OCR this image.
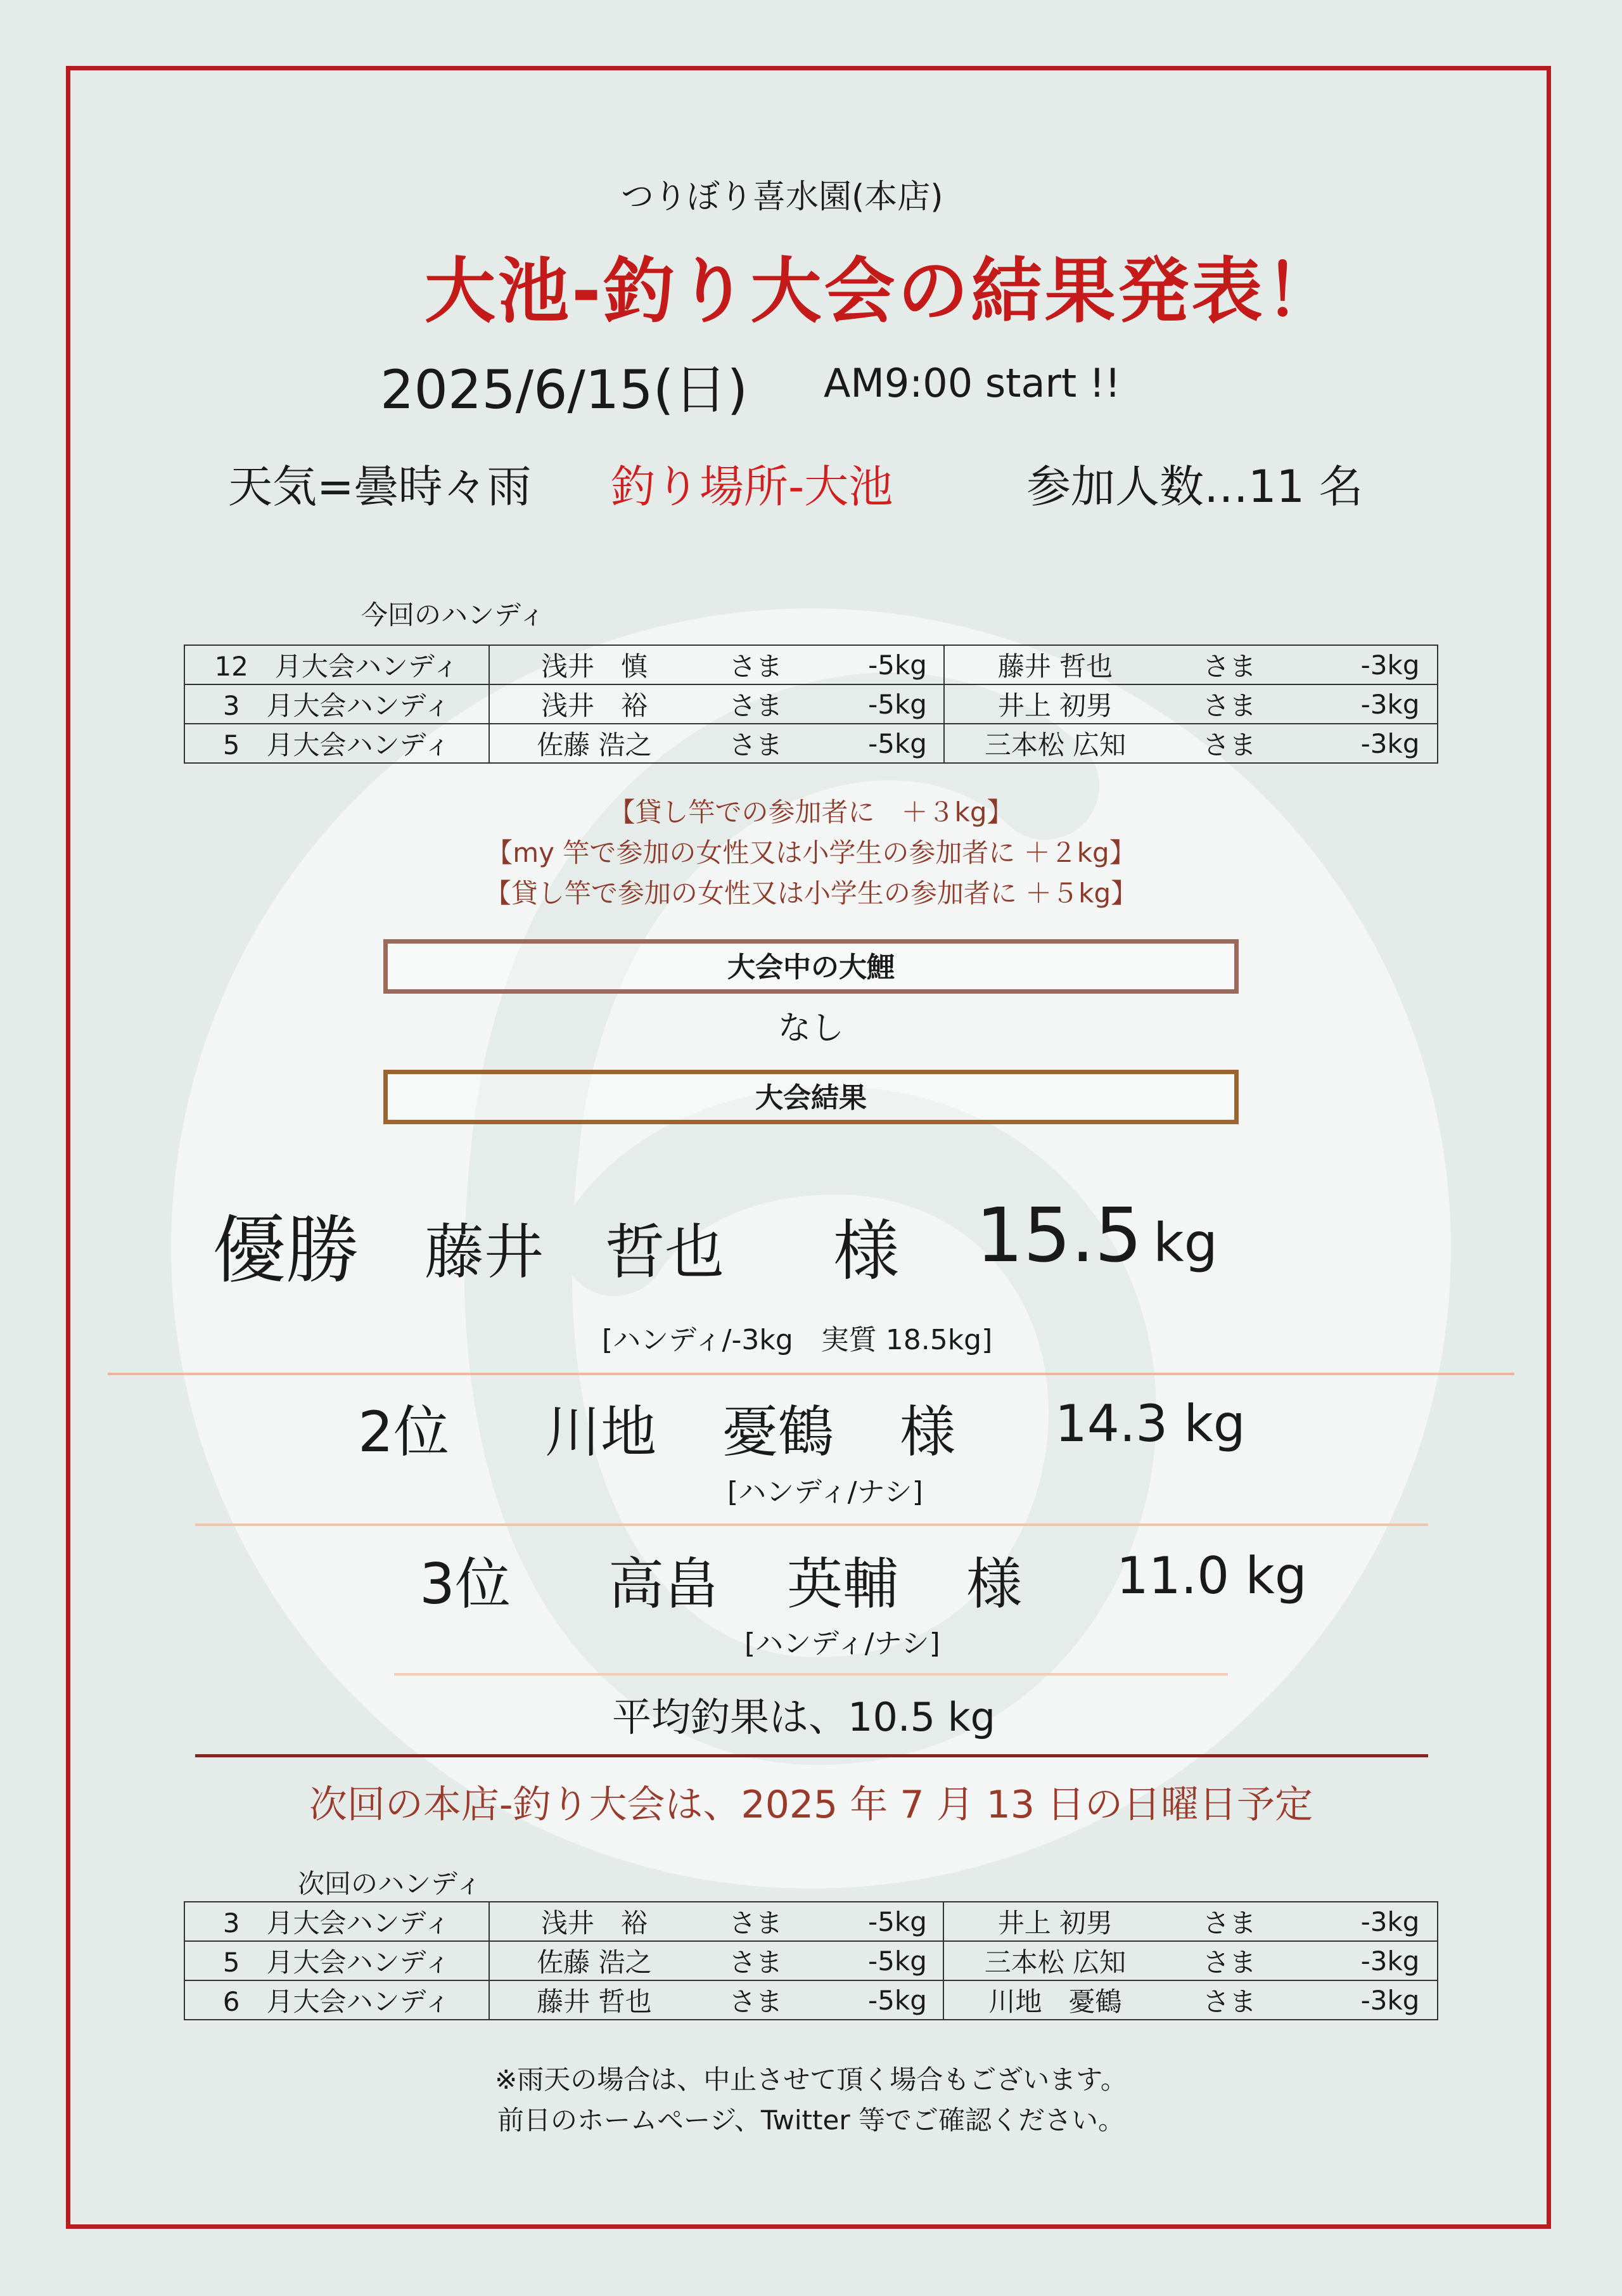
つりぼり喜水園(本店)
大池-釣り大会の結果発表！
2025/6/15(日) AM9:00 start !!
天気=曇時々雨 釣り場所-大池	参加人数…11 名
今回のハンディ
12　月大会ハンディ	浅井　慎 さま -5kg	藤井 哲也 さま -3kg

3　月大会ハンディ	浅井　裕 さま -5kg	井上 初男 さま -3kg

5　月大会ハンディ	佐藤 浩之 さま -5kg	三本松 広知 さま -3kg
【貸し竿での参加者に　＋３kg】
【my 竿で参加の女性又は小学生の参加者に ＋２kg】
【貸し竿で参加の女性又は小学生の参加者に ＋５kg】
大会中の大鯉
なし
大会結果
優勝 藤井 哲也 様 15.5 kg
[ハンディ/-3kg　実質 18.5kg]
2位 川地 憂鶴 様 14.3 kg
[ハンディ/ナシ]
3位 高畠 英輔 様 11.0 kg
[ハンディ/ナシ]
平均釣果は、10.5 kg
次回の本店-釣り大会は、2025 年 7 月 13 日の日曜日予定
次回のハンディ
3　月大会ハンディ	浅井　裕 さま -5kg	井上 初男 さま -3kg

5　月大会ハンディ	佐藤 浩之 さま -5kg	三本松 広知 さま -3kg

6　月大会ハンディ	藤井 哲也 さま -5kg	川地　憂鶴 さま -3kg
※雨天の場合は、中止させて頂く場合もございます。
前日のホームページ、Twitter 等でご確認ください。
